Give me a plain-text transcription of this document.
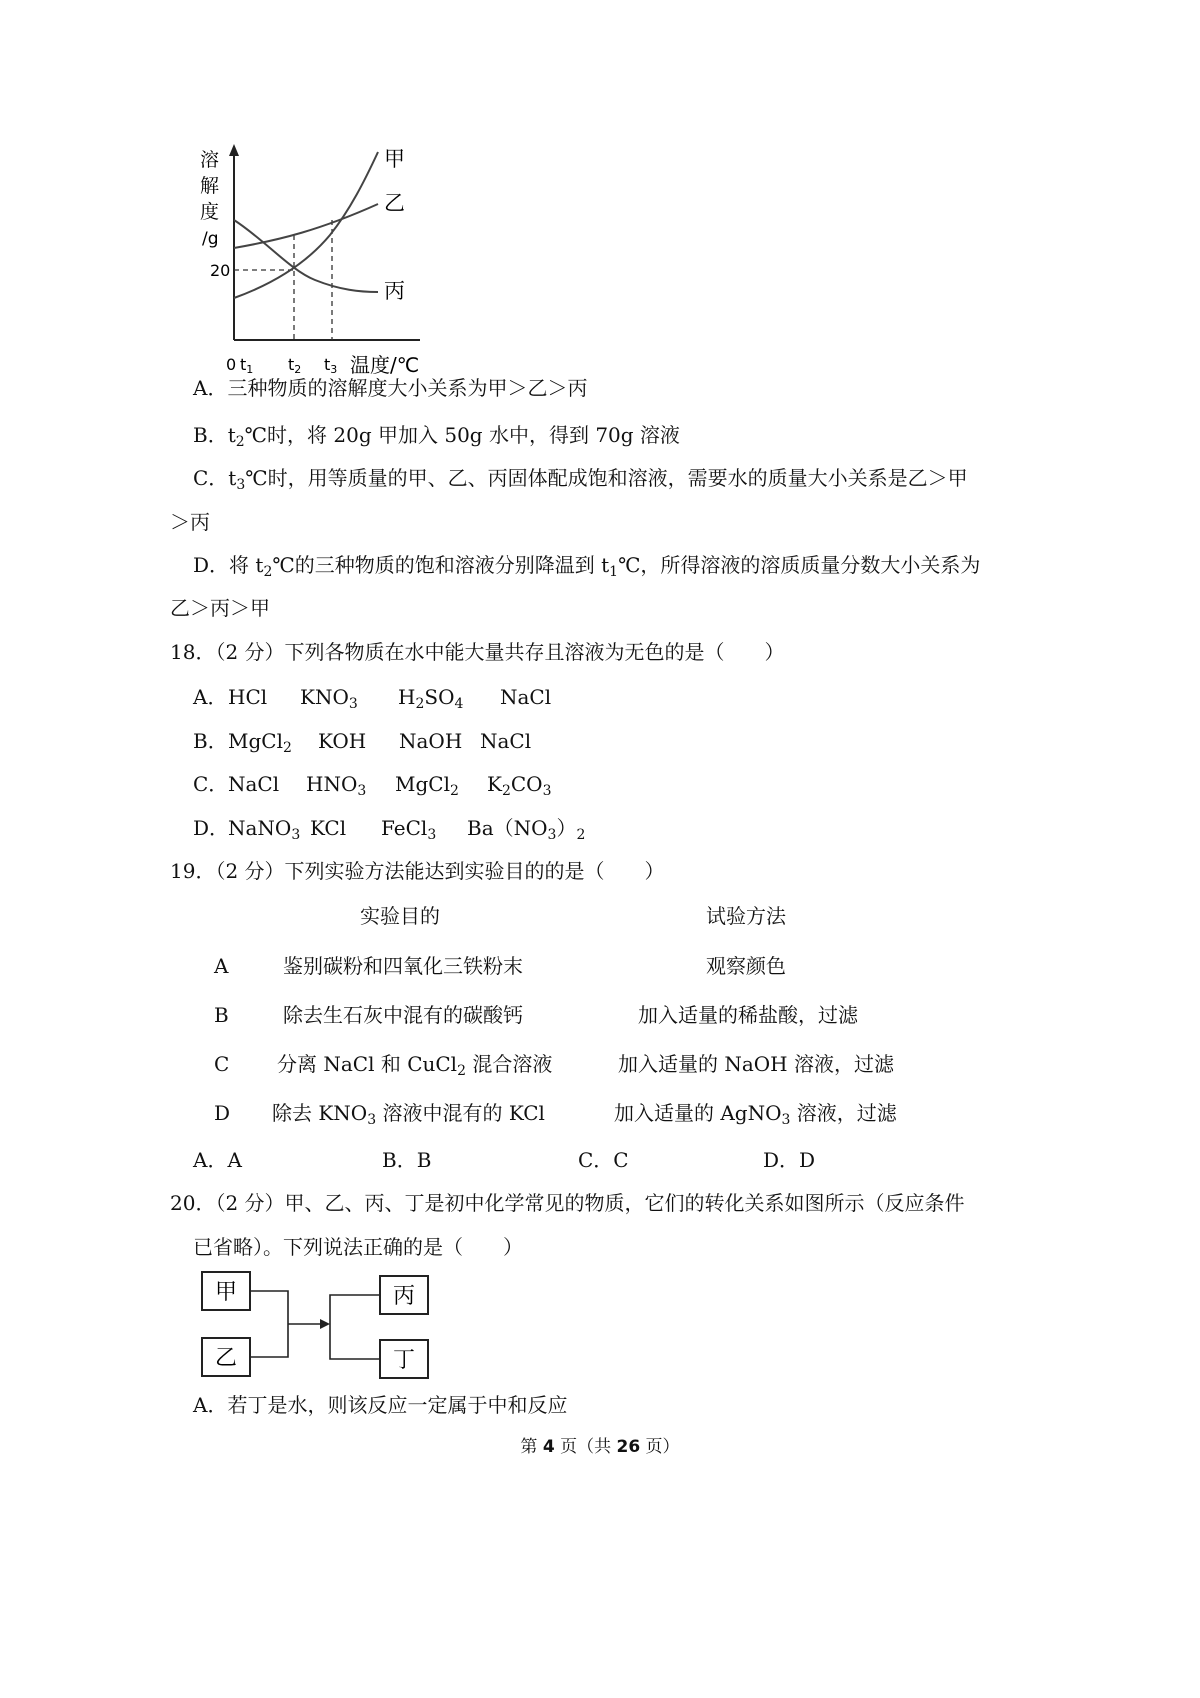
溶
解
度
/g
20
甲
乙
丙
0 t1 t2 t3 温度/℃
A．三种物质的溶解度大小关系为甲＞乙＞丙
B．$t_2℃$时，将 20g 甲加入 50g 水中，得到 70g 溶液
C．$t_3℃$时，用等质量的甲、乙、丙固体配成饱和溶液，需要水的质量大小关系是乙＞甲
＞丙
D．将 $t_2℃$的三种物质的饱和溶液分别降温到 $t_1℃$，所得溶液的溶质质量分数大小关系为
乙＞丙＞甲
18．（2 分）下列各物质在水中能大量共存且溶液为无色的是（　　）
A． HCl $KNO_3$ $H_2SO_4$ NaCl
B． MgCl$_2$ KOH NaOH NaCl
C． NaCl $HNO_3$ MgCl$_2$ $K_2CO_3$
D．
NaNO$_3$ KCl FeCl$_3$ $Ba(NO_3)_2$
19．（2 分）下列实验方法能达到实验目的的是（　　）
实验目的	试验方法
A	鉴别碳粉和四氧化三铁粉末	观察颜色
B	除去生石灰中混有的碳酸钙	加入适量的稀盐酸，过滤
C 分离 NaCl 和 CuCl$_2$ 混合溶液	加入适量的 NaOH 溶液，过滤
D 除去 $KNO_3$ 溶液中混有的 KCl	加入适量的 AgNO$_3$ 溶液，过滤
A．A	B．B	C．C	D．D
20．（2 分）甲、乙、丙、丁是初中化学常见的物质，它们的转化关系如图所示（反应条件
已省略）。下列说法正确的是（　　）
甲
乙
丙
丁
A．若丁是水，则该反应一定属于中和反应
第 4 页（共 26 页）
